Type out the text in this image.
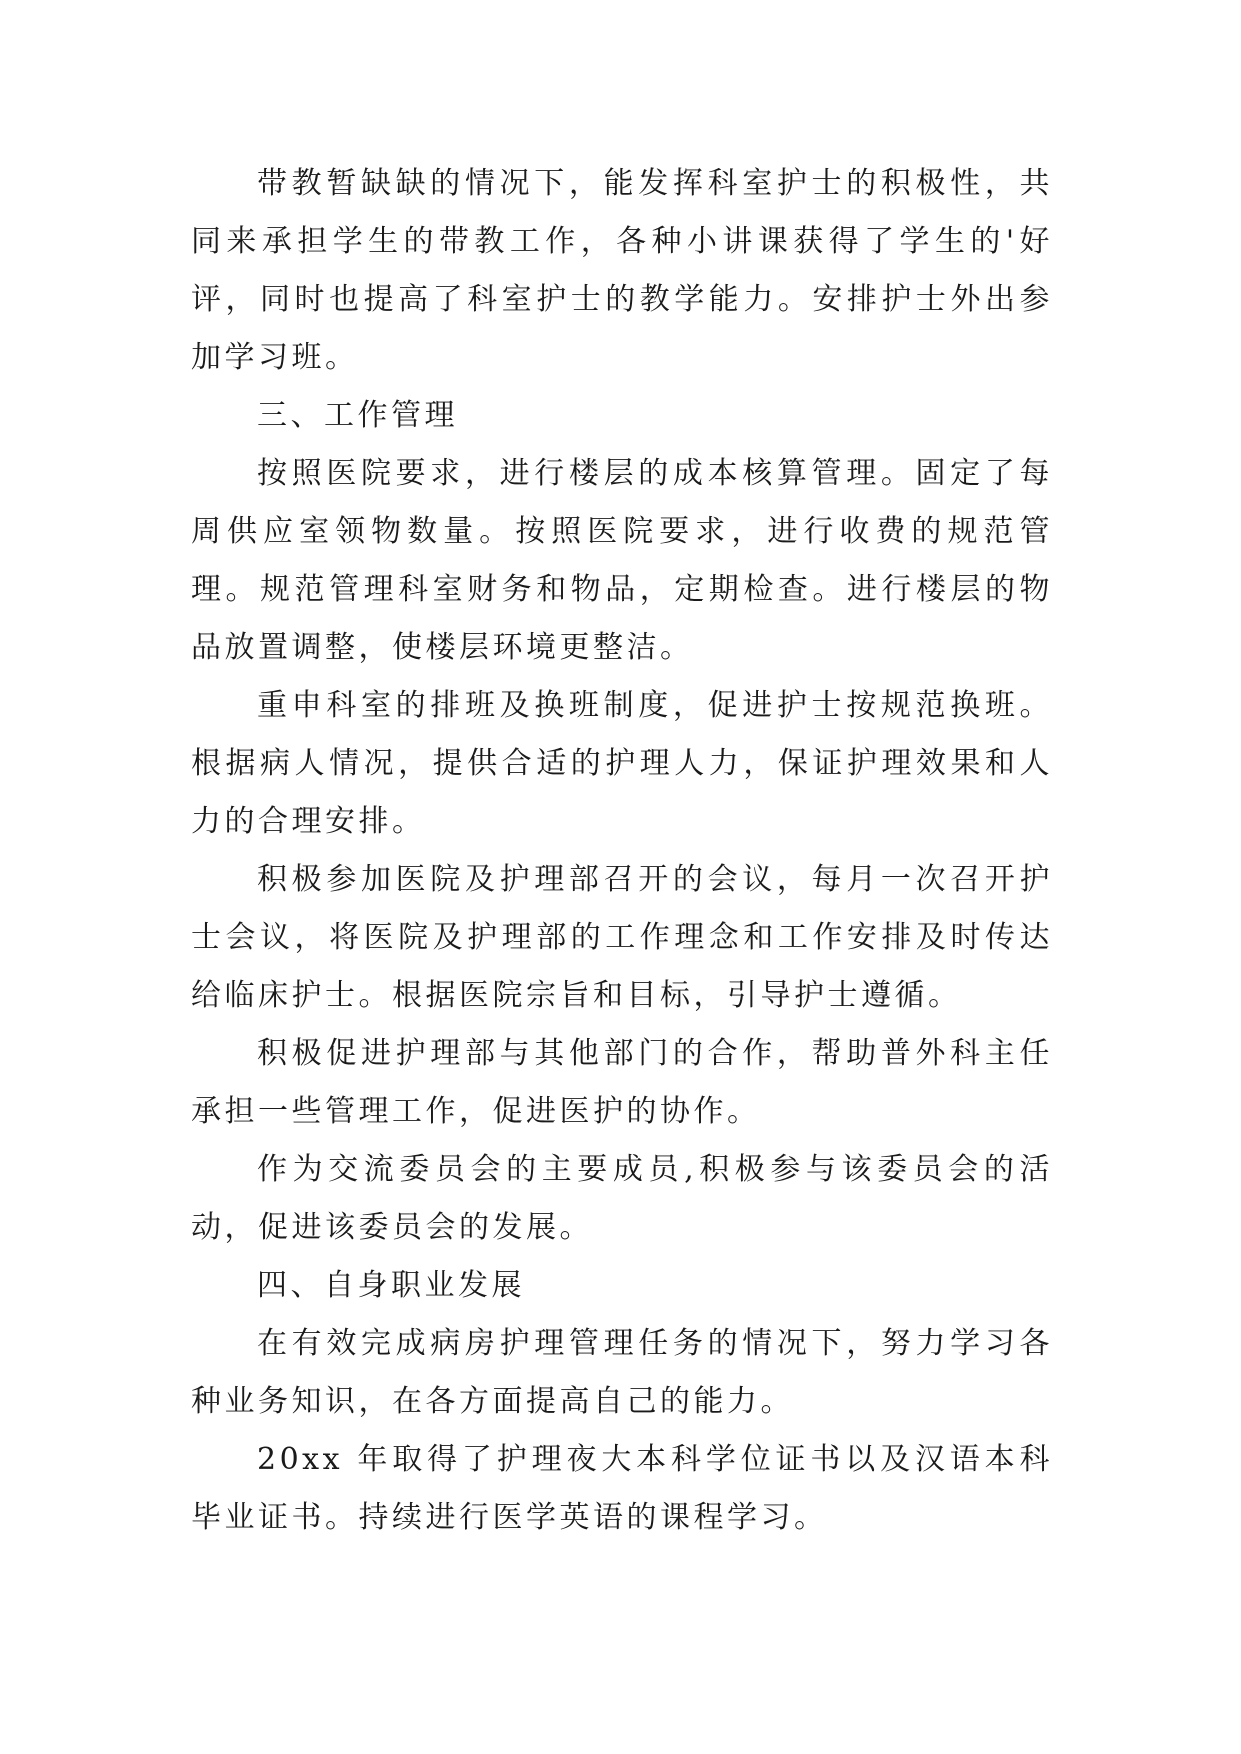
带教暂缺缺的情况下，能发挥科室护士的积极性，共同来承担学生的带教工作，各种小讲课获得了学生的'好评，同时也提高了科室护士的教学能力。安排护士外出参加学习班。

三、工作管理

按照医院要求，进行楼层的成本核算管理。固定了每周供应室领物数量。按照医院要求，进行收费的规范管理。规范管理科室财务和物品，定期检查。进行楼层的物品放置调整，使楼层环境更整洁。

重申科室的排班及换班制度，促进护士按规范换班。根据病人情况，提供合适的护理人力，保证护理效果和人力的合理安排。

积极参加医院及护理部召开的会议，每月一次召开护士会议，将医院及护理部的工作理念和工作安排及时传达给临床护士。根据医院宗旨和目标，引导护士遵循。

积极促进护理部与其他部门的合作，帮助普外科主任承担一些管理工作，促进医护的协作。

作为交流委员会的主要成员,积极参与该委员会的活动，促进该委员会的发展。

四、自身职业发展

在有效完成病房护理管理任务的情况下，努力学习各种业务知识，在各方面提高自己的能力。

20xx 年取得了护理夜大本科学位证书以及汉语本科毕业证书。持续进行医学英语的课程学习。
